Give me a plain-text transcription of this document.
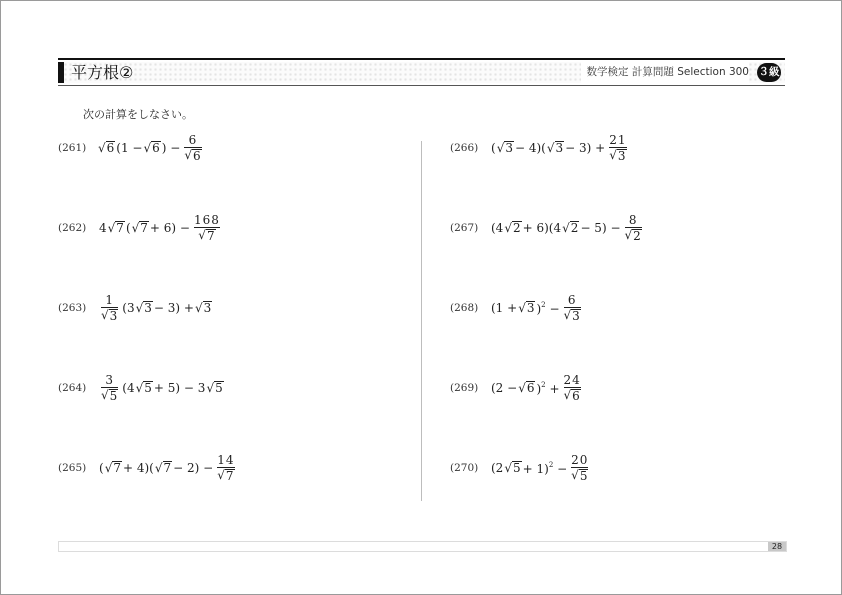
平方根②	数学検定 計算問題 Selection 300 ３級
次の計算をしなさい。
(261) √ 6 (1 − √ 6 ) − $\frac{6}{√ 6}$
(262)	4 √ 7 ( √ $7 + 6) - \frac{168}{√ 7}$
(263)	$\frac{1}{√ 3} (3$ √ 3 − 3) + √ 3
(264)	$\frac{3}{√ 5} (4$ √ 5 + 5) − 3 √ 5
(265)	( √ 7 + 4)( √ $7 - 2) - \frac{14}{√ 7}$
(266)	( √ 3 − 4)( √ $3 - 3) + \frac{21}{√ 3}$
(267)	(4 √ 2 + 6)(4 √ $2 - 5) - \frac{8}{√ 2}$
(268)	(1 + √ 3 )$^2 - \frac{6}{√ 3}$
(269)	(2 − √ 6 )$^2 + \frac{24}{√ 6}$
(270)	(2 √ $5 + 1)^2 - \frac{20}{√ 5}$
28
